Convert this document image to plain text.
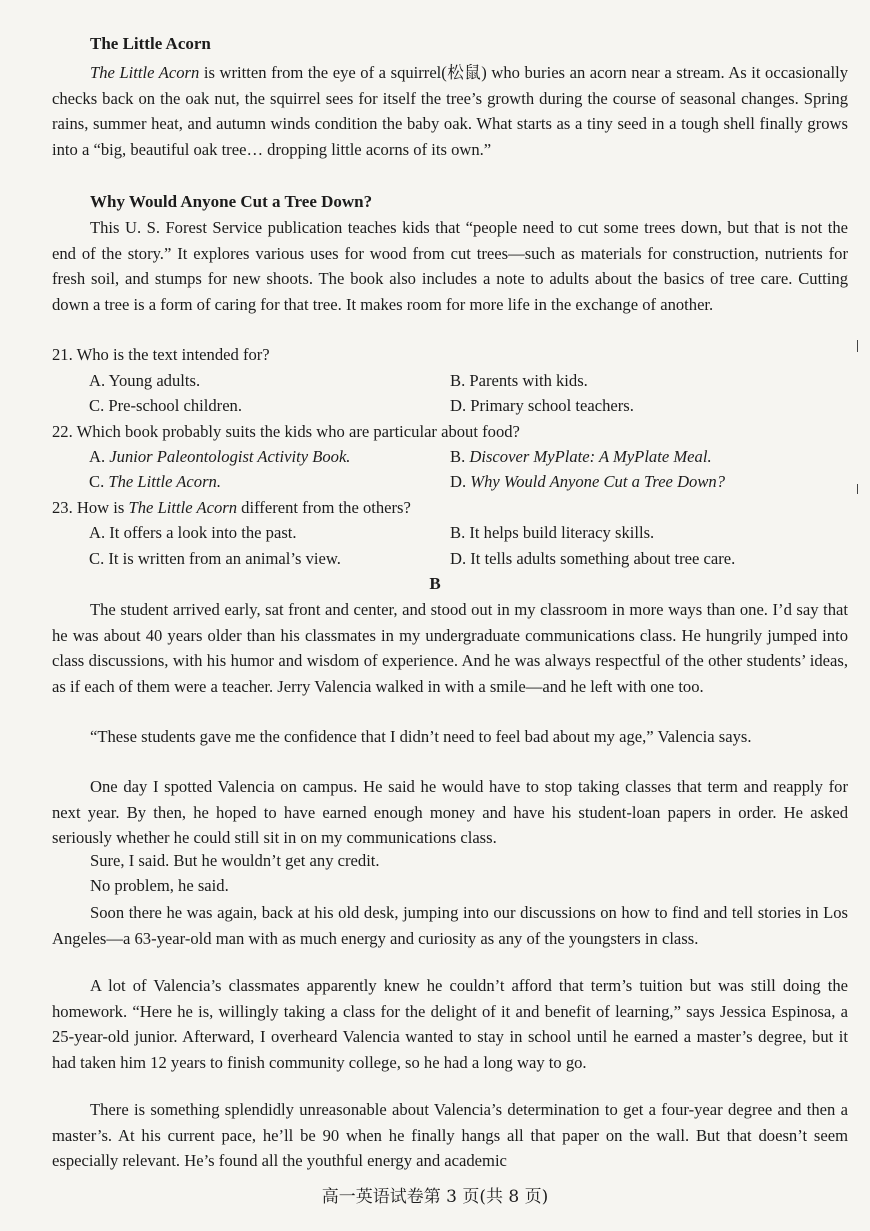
The Little Acorn
The Little Acorn is written from the eye of a squirrel(松鼠) who buries an acorn near a stream. As it occasionally checks back on the oak nut, the squirrel sees for itself the tree’s growth during the course of seasonal changes. Spring rains, summer heat, and autumn winds condition the baby oak. What starts as a tiny seed in a tough shell finally grows into a “big, beautiful oak tree… dropping little acorns of its own.”
Why Would Anyone Cut a Tree Down?
This U. S. Forest Service publication teaches kids that “people need to cut some trees down, but that is not the end of the story.” It explores various uses for wood from cut trees—such as materials for construction, nutrients for fresh soil, and stumps for new shoots. The book also includes a note to adults about the basics of tree care. Cutting down a tree is a form of caring for that tree. It makes room for more life in the exchange of another.
21. Who is the text intended for?
A. Young adults.	B. Parents with kids.
C. Pre-school children.	D. Primary school teachers.
22. Which book probably suits the kids who are particular about food?
A. Junior Paleontologist Activity Book.	B. Discover MyPlate: A MyPlate Meal.
C. The Little Acorn.	D. Why Would Anyone Cut a Tree Down?
23. How is The Little Acorn different from the others?
A. It offers a look into the past.	B. It helps build literacy skills.
C. It is written from an animal’s view.	D. It tells adults something about tree care.
B
The student arrived early, sat front and center, and stood out in my classroom in more ways than one. I’d say that he was about 40 years older than his classmates in my undergraduate communications class. He hungrily jumped into class discussions, with his humor and wisdom of experience. And he was always respectful of the other students’ ideas, as if each of them were a teacher. Jerry Valencia walked in with a smile—and he left with one too.
“These students gave me the confidence that I didn’t need to feel bad about my age,” Valencia says.
One day I spotted Valencia on campus. He said he would have to stop taking classes that term and reapply for next year. By then, he hoped to have earned enough money and have his student-loan papers in order. He asked seriously whether he could still sit in on my communications class.
Sure, I said. But he wouldn’t get any credit.
No problem, he said.
Soon there he was again, back at his old desk, jumping into our discussions on how to find and tell stories in Los Angeles—a 63-year-old man with as much energy and curiosity as any of the youngsters in class.
A lot of Valencia’s classmates apparently knew he couldn’t afford that term’s tuition but was still doing the homework. “Here he is, willingly taking a class for the delight of it and benefit of learning,” says Jessica Espinosa, a 25-year-old junior. Afterward, I overheard Valencia wanted to stay in school until he earned a master’s degree, but it had taken him 12 years to finish community college, so he had a long way to go.
There is something splendidly unreasonable about Valencia’s determination to get a four-year degree and then a master’s. At his current pace, he’ll be 90 when he finally hangs all that paper on the wall. But that doesn’t seem especially relevant. He’s found all the youthful energy and academic
高一英语试卷第 3 页(共 8 页)
